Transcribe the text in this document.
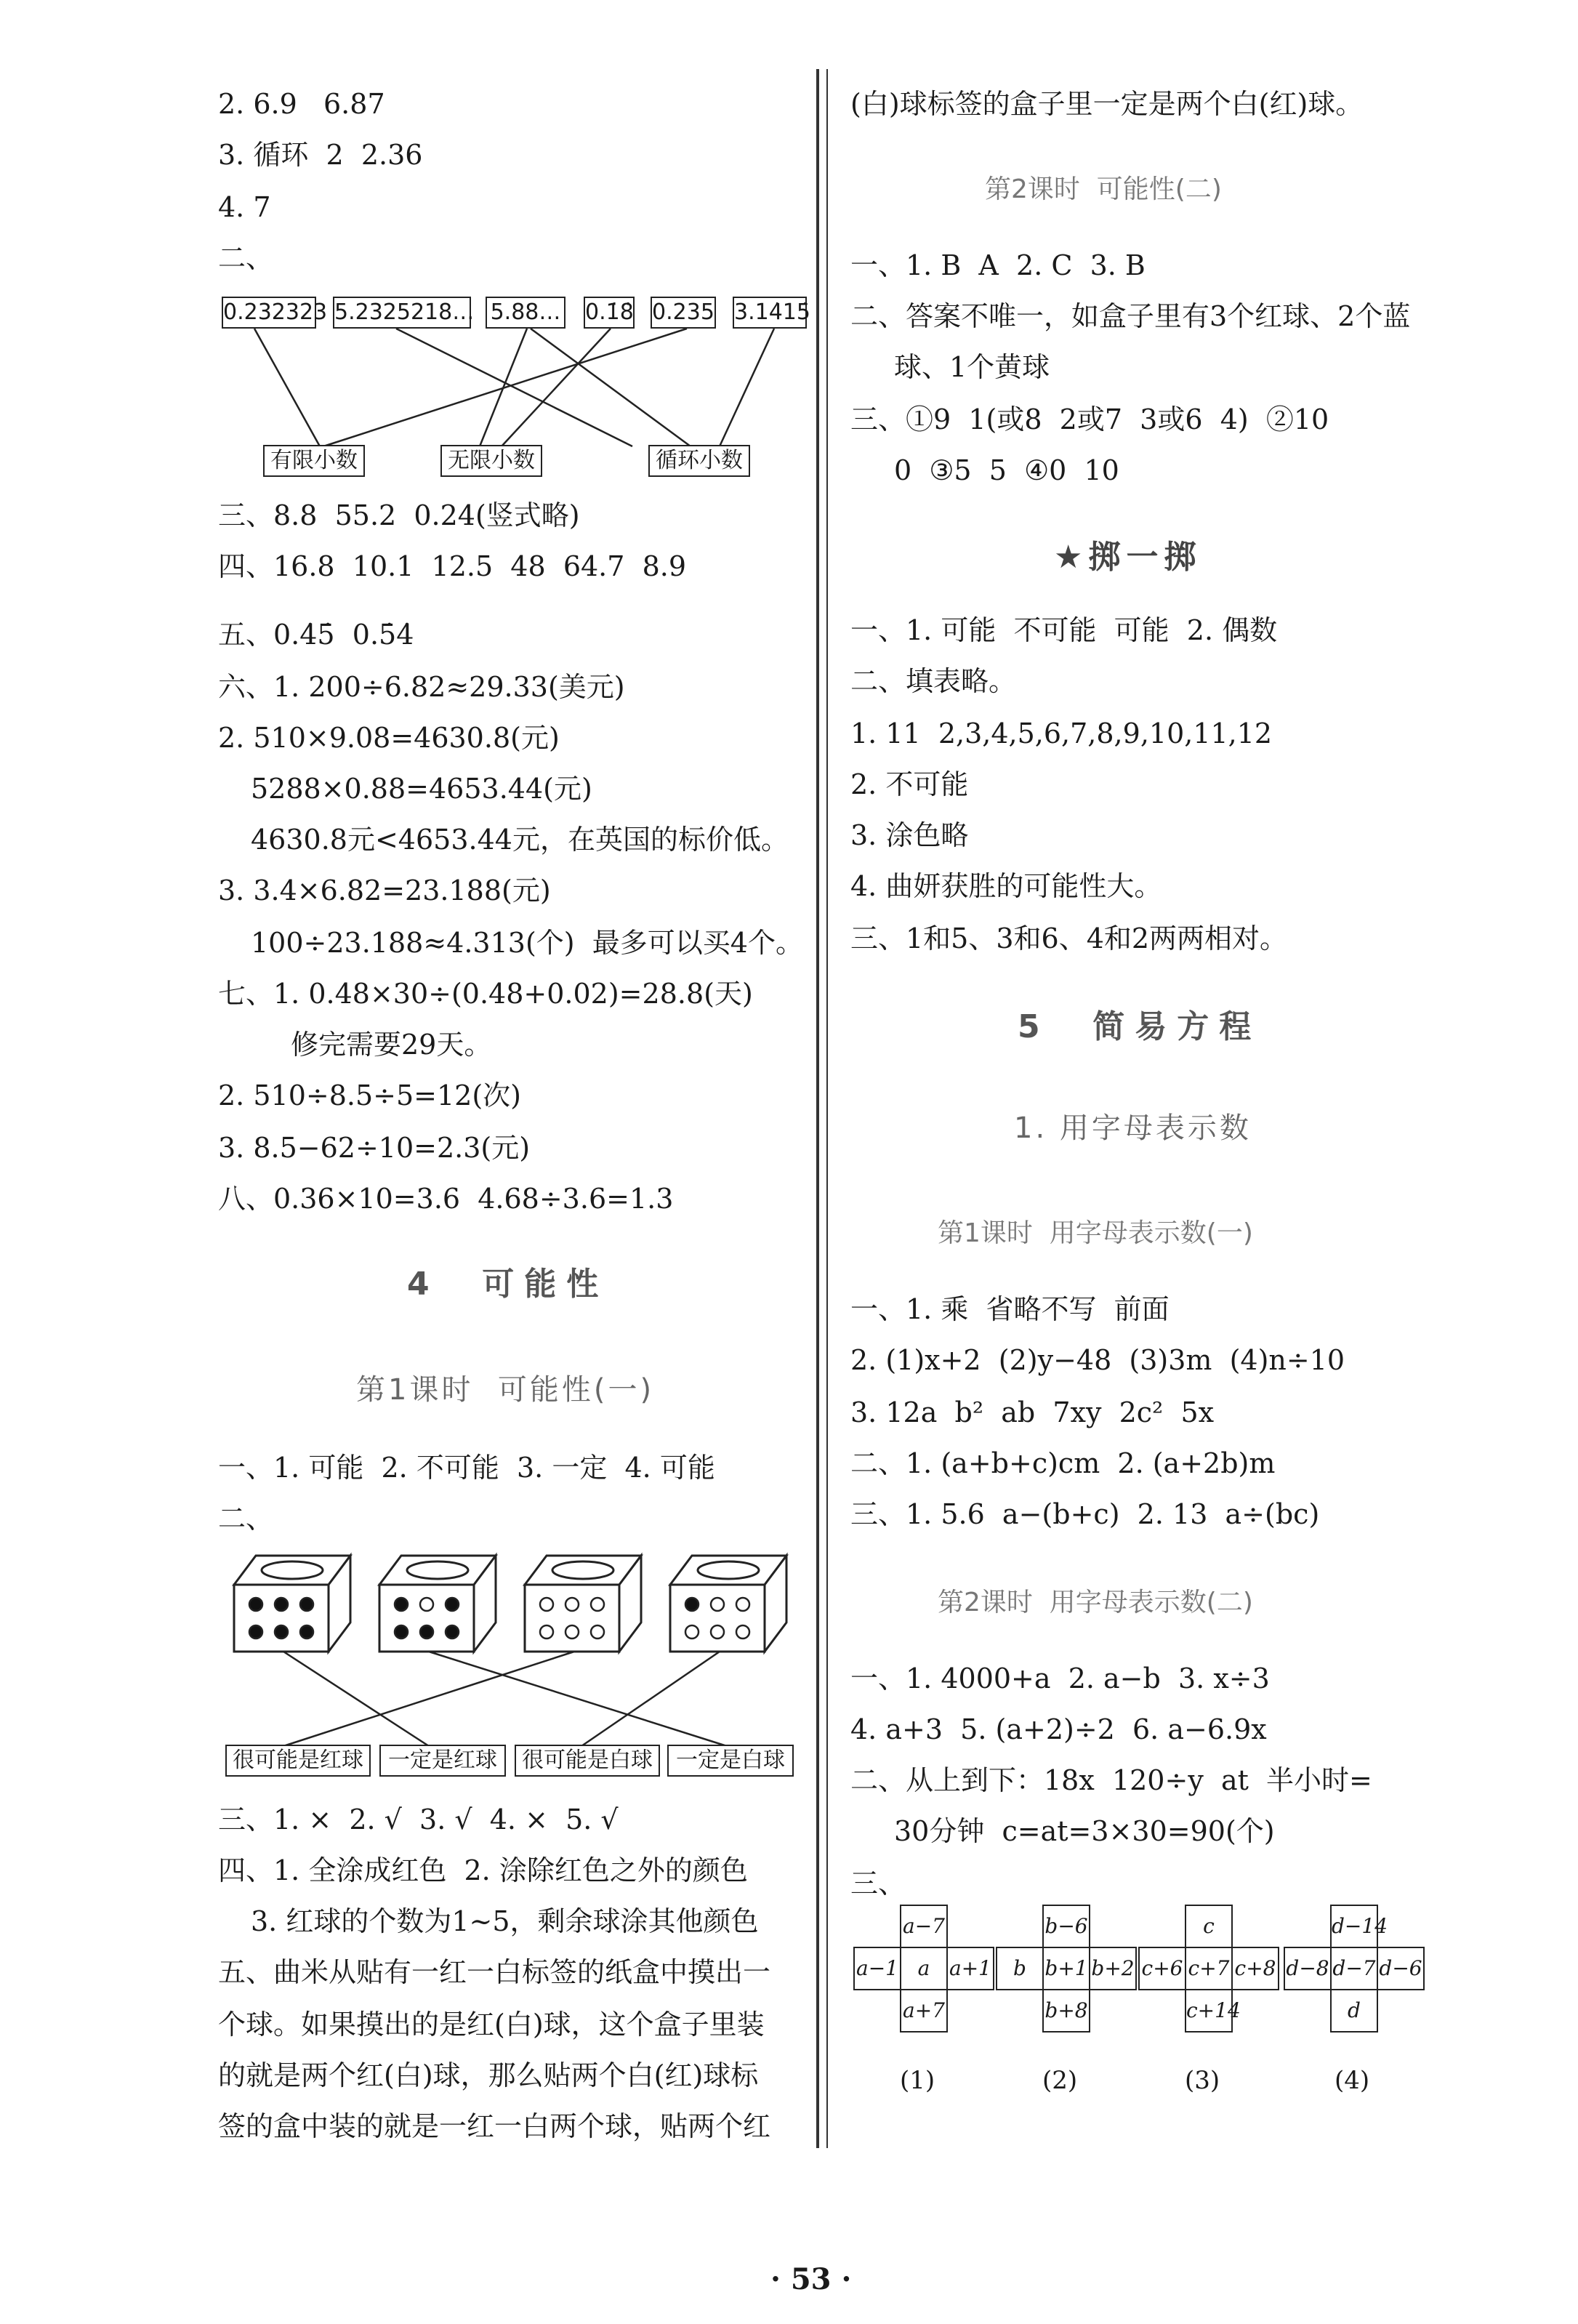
2. 6.9   6.87
3. 循环  2  2.36
4. 7
二、
0.232323 5.2325218… 5.88… 0.1̇8̇ 0.235 3.14̇15̇
有限小数	无限小数	循环小数
三、8.8  55.2  0.24(竖式略)
四、16.8  10.1  12.5  48  64.7  8.9
五、0.4̇5̇  0.5̇4̇
六、1. 200÷6.82≈29.33(美元)
2. 510×9.08=4630.8(元)
5288×0.88=4653.44(元)
4630.8元<4653.44元，在英国的标价低。
3. 3.4×6.82=23.188(元)
100÷23.188≈4.313(个)  最多可以买4个。
七、1. 0.48×30÷(0.48+0.02)=28.8(天)
修完需要29天。
2. 510÷8.5÷5=12(次)
3. 8.5−62÷10=2.3(元)
八、0.36×10=3.6  4.68÷3.6=1.3
4  可能性
第1课时  可能性(一)
一、1. 可能  2. 不可能  3. 一定  4. 可能
二、
很可能是红球	一定是红球	很可能是白球	一定是白球
三、1. ×  2. √  3. √  4. ×  5. √
四、1. 全涂成红色  2. 涂除红色之外的颜色
3. 红球的个数为1~5，剩余球涂其他颜色
五、曲米从贴有一红一白标签的纸盒中摸出一
个球。如果摸出的是红(白)球，这个盒子里装
的就是两个红(白)球，那么贴两个白(红)球标
签的盒中装的就是一红一白两个球，贴两个红
(白)球标签的盒子里一定是两个白(红)球。
第2课时  可能性(二)
一、1. B  A  2. C  3. B
二、答案不唯一，如盒子里有3个红球、2个蓝
球、1个黄球
三、①9  1(或8  2或7  3或6  4)  ②10
0  ③5  5  ④0  10
★掷一掷
一、1. 可能  不可能  可能  2. 偶数
二、填表略。
1. 11  2,3,4,5,6,7,8,9,10,11,12
2. 不可能
3. 涂色略
4. 曲妍获胜的可能性大。
三、1和5、3和6、4和2两两相对。
5  简易方程
1. 用字母表示数
第1课时  用字母表示数(一)
一、1. 乘  省略不写  前面
2. (1)x+2  (2)y−48  (3)3m  (4)n÷10
3. 12a  b²  ab  7xy  2c²  5x
二、1. (a+b+c)cm  2. (a+2b)m
三、1. 5.6  a−(b+c)  2. 13  a÷(bc)
第2课时  用字母表示数(二)
一、1. 4000+a  2. a−b  3. x÷3
4. a+3  5. (a+2)÷2  6. a−6.9x
二、从上到下：18x  120÷y  at  半小时=
30分钟  c=at=3×30=90(个)
三、
a−7
a−1 a a+1
a+7
(1)
b−6
b b+1 b+2
b+8
(2)
c
c+6 c+7 c+8
c+14
(3)
d−14
d−8 d−7 d−6
d
(4)
· 53 ·
